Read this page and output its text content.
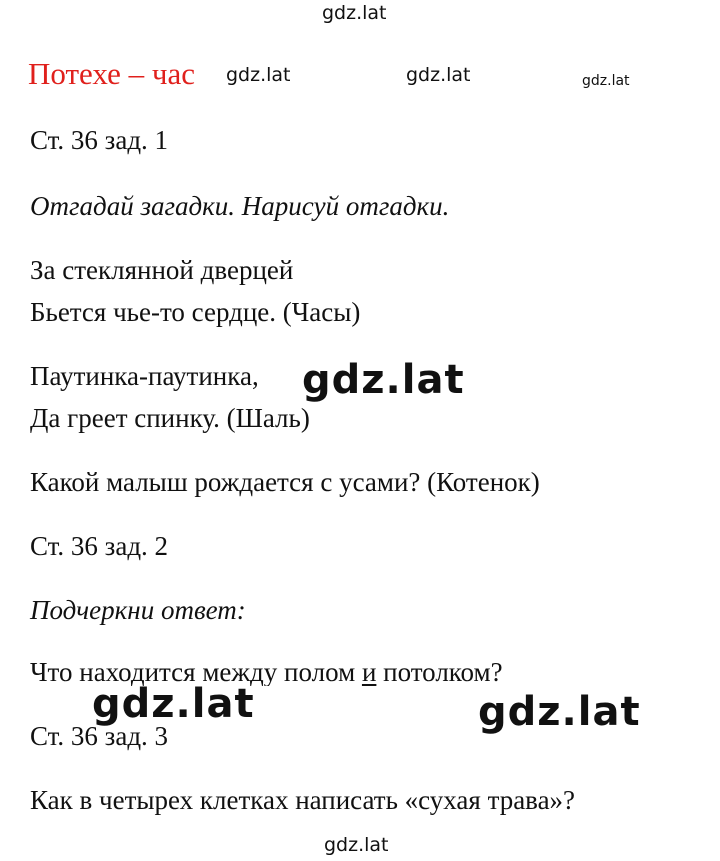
gdz.lat
gdz.lat	gdz.lat	gdz.lat
Потехе – час
Ст. 36 зад. 1
Отгадай загадки. Нарисуй отгадки.
За стеклянной дверцей
Бьется чье-то сердце. (Часы)
Паутинка-паутинка,
Да греет спинку. (Шаль)
Какой малыш рождается с усами? (Котенок)
gdz.lat
Ст. 36 зад. 2
Подчеркни ответ:
Что находится между полом и потолком?
gdz.lat	gdz.lat
Ст. 36 зад. 3
Как в четырех клетках написать «сухая трава»?
gdz.lat
